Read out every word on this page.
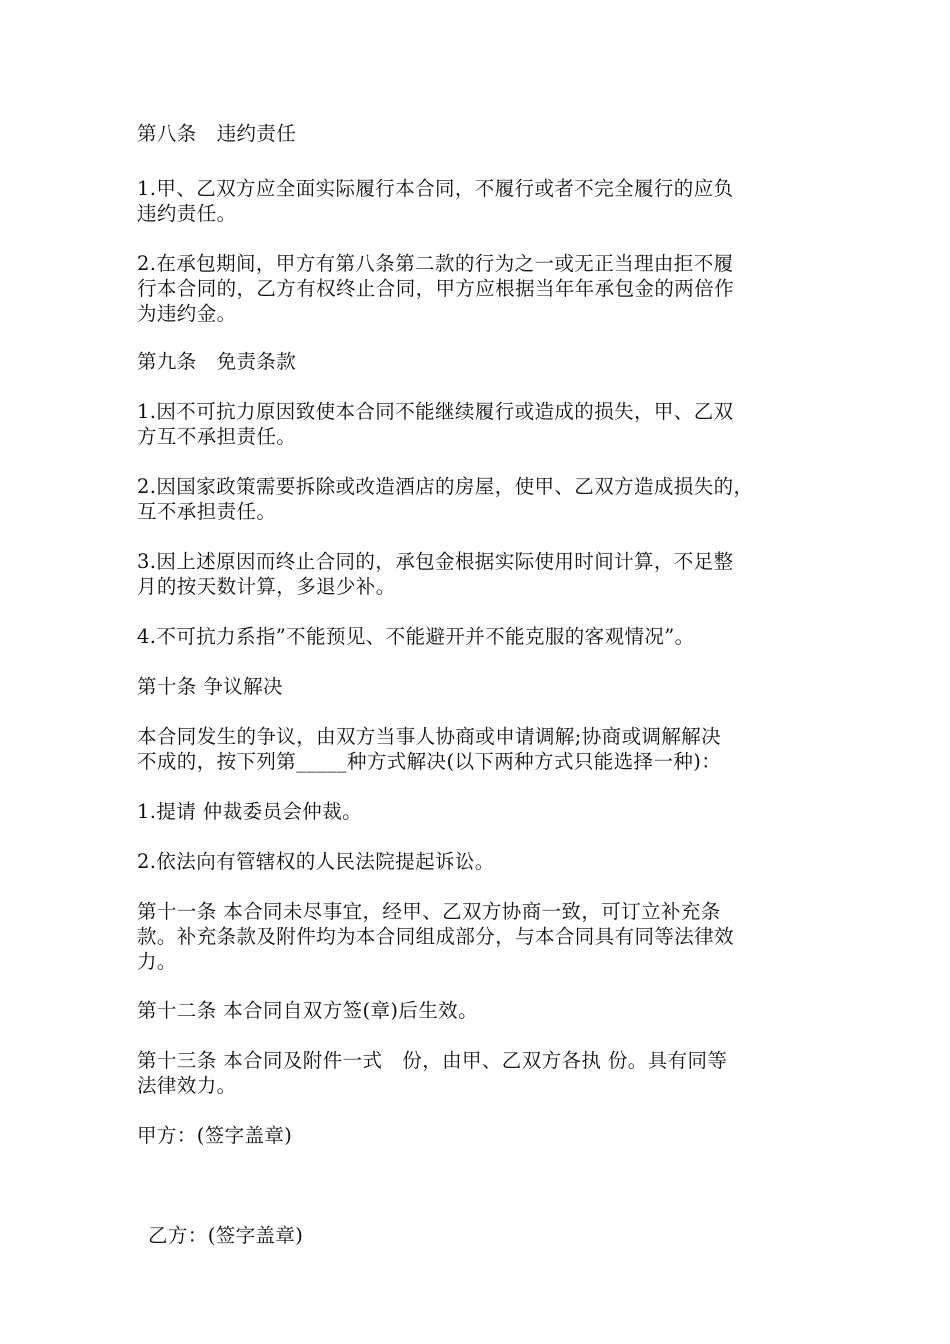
第八条　违约责任
1.甲、乙双方应全面实际履行本合同，不履行或者不完全履行的应负
违约责任。
2.在承包期间，甲方有第八条第二款的行为之一或无正当理由拒不履
行本合同的，乙方有权终止合同，甲方应根据当年年承包金的两倍作
为违约金。
第九条　免责条款
1.因不可抗力原因致使本合同不能继续履行或造成的损失，甲、乙双
方互不承担责任。
2.因国家政策需要拆除或改造酒店的房屋，使甲、乙双方造成损失的，
互不承担责任。
3.因上述原因而终止合同的，承包金根据实际使用时间计算，不足整
月的按天数计算，多退少补。
4.不可抗力系指”不能预见、不能避开并不能克服的客观情况”。
第十条 争议解决
本合同发生的争议，由双方当事人协商或申请调解;协商或调解解决
不成的，按下列第_____种方式解决(以下两种方式只能选择一种)：
1.提请 仲裁委员会仲裁。
2.依法向有管辖权的人民法院提起诉讼。
第十一条 本合同未尽事宜，经甲、乙双方协商一致，可订立补充条
款。补充条款及附件均为本合同组成部分，与本合同具有同等法律效
力。
第十二条 本合同自双方签(章)后生效。
第十三条 本合同及附件一式　份，由甲、乙双方各执 份。具有同等
法律效力。
甲方：(签字盖章)
乙方：(签字盖章)
